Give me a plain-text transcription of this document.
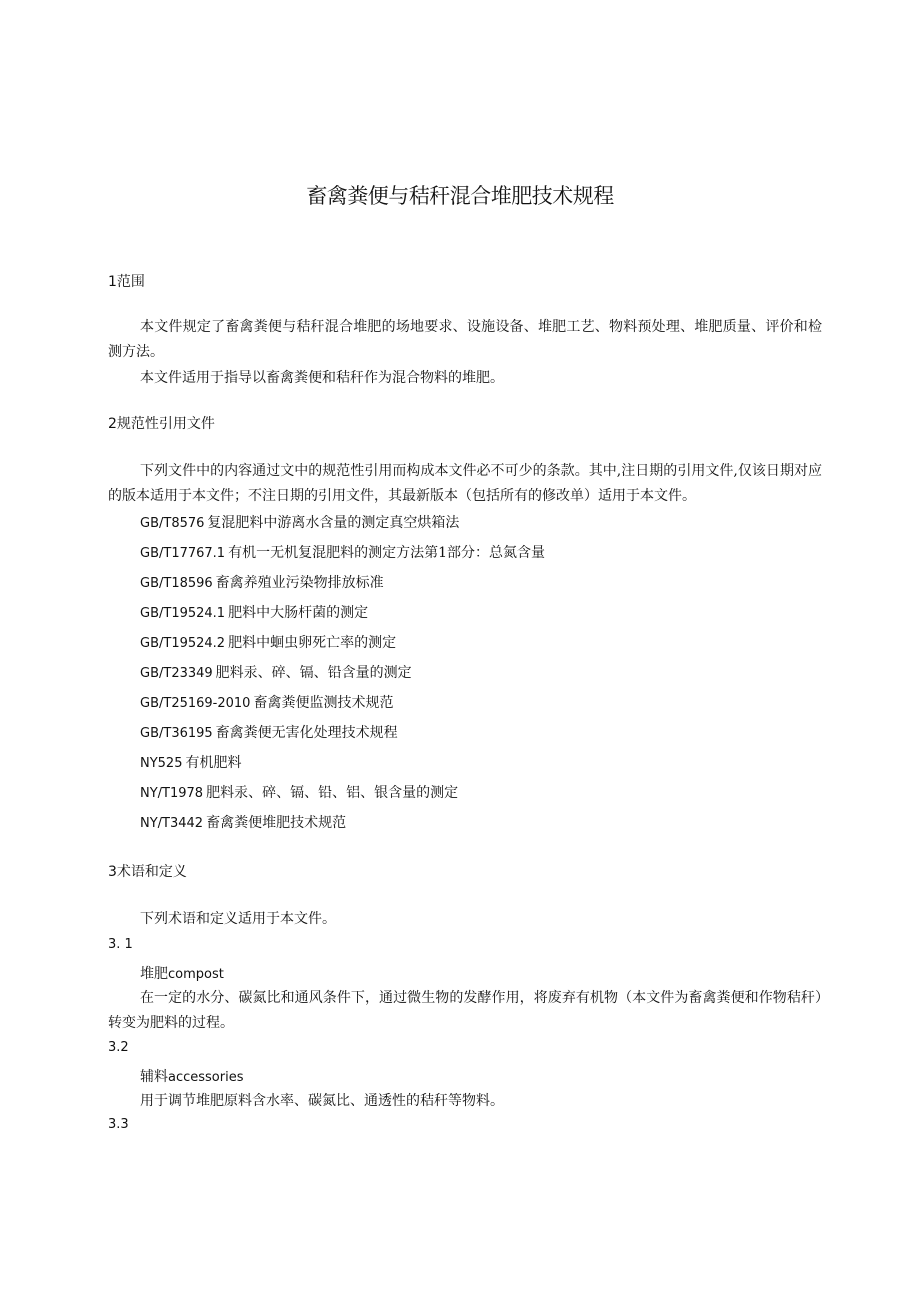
畜禽粪便与秸秆混合堆肥技术规程
1范围

本文件规定了畜禽粪便与秸秆混合堆肥的场地要求、设施设备、堆肥工艺、物料预处理、堆肥质量、评价和检测方法。

本文件适用于指导以畜禽粪便和秸秆作为混合物料的堆肥。

2规范性引用文件

下列文件中的内容通过文中的规范性引用而构成本文件必不可少的条款。其中,注日期的引用文件,仅该日期对应的版本适用于本文件；不注日期的引用文件，其最新版本（包括所有的修改单）适用于本文件。

GB/T8576 复混肥料中游离水含量的测定真空烘箱法
GB/T17767.1 有机一无机复混肥料的测定方法第1部分：总氮含量
GB/T18596 畜禽养殖业污染物排放标准
GB/T19524.1 肥料中大肠杆菌的测定
GB/T19524.2 肥料中蛔虫卵死亡率的测定
GB/T23349 肥料汞、碎、镉、铅含量的测定
GB/T25169-2010 畜禽粪便监测技术规范
GB/T36195 畜禽粪便无害化处理技术规程
NY525 有机肥料
NY/T1978 肥料汞、碎、镉、铅、铝、银含量的测定
NY/T3442 畜禽粪便堆肥技术规范
3术语和定义
下列术语和定义适用于本文件。
3. 1
堆肥compost

在一定的水分、碳氮比和通风条件下，通过微生物的发酵作用，将废弃有机物（本文件为畜禽粪便和作物秸秆）转变为肥料的过程。

3.2
辅料accessories

用于调节堆肥原料含水率、碳氮比、通透性的秸秆等物料。

3.3
